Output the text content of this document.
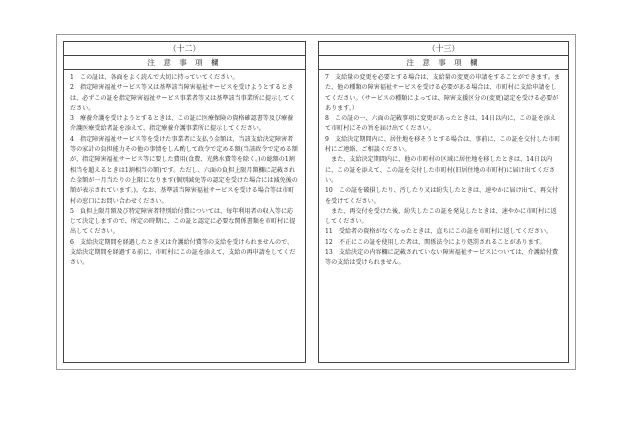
（十二）
注 意 事 項 欄

1　この証は、各面をよく読んで大切に持っていてください。

2　指定障害福祉サービス等又は基準該当障害福祉サービスを受けようとするときは、必ずこの証を指定障害福祉サービス事業者等又は基準該当事業所に提示してください。

3　療養介護を受けようとするときは、この証に医療保険の資格確認書等及び療養介護医療受給者証を添えて、指定療養介護事業所に提示してください。

4　指定障害福祉サービス等を受けた事業者に支払う金額は、当該支給決定障害者等の家計の負担能力その他の事情をしん酌して政令で定める額(当該政令で定める額が、指定障害福祉サービス等に要した費用(食費、光熱水費等を除く。)の総額の1割相当を超えるときは1割相当の額)です。ただし、六面の負担上限月額欄に記載された金額が一月当たりの上限になります(個別減免等の認定を受けた場合には減免後の額が表示されています。)。なお、基準該当障害福祉サービスを受ける場合等は市町村の窓口にお問い合わせください。

5　負担上限月額及び特定障害者特別給付費については、毎年利用者の収入等に応じて決定しますので、所定の時期に、この証と認定に必要な関係書類を市町村に提出してください。

6　支給決定期間を経過したとき又は介護給付費等の支給を受けられませんので、支給決定期間を経過する前に、市町村にこの証を添えて、支給の再申請をしてください。

（十三）
注 意 事 項 欄

7　支給量の変更を必要とする場合は、支給量の変更の申請をすることができます。また、他の種類の障害福祉サービスを受ける必要がある場合は、市町村に支給申請をしてください。（サービスの種類によっては、障害支援区分の(変更)認定を受ける必要があります。）

8　この証の一、六面の記載事項に変更があったときは、14日以内に、この証を添えて市町村にその旨を届け出てください。

9　支給決定期間内に、居住地を移そうとする場合は、事前に、この証を交付した市町村にご連絡、ご相談ください。

　また、支給決定期間内に、他の市町村の区域に居住地を移したときは、14日以内に、この証を添えて、この証を交付した市町村(旧居住地の市町村)に届け出てください。

10　この証を破損したり、汚したり又は紛失したときは、速やかに届け出て、再交付を受けてください。

　また、再交付を受けた後、紛失したこの証を発見したときは、速やかに市町村に返してください。

11　受給者の資格がなくなったときは、直ちにこの証を市町村に返してください。

12　不正にこの証を使用した者は、関係法令により処罰されることがあります。

13　支給決定の内容欄に記載されていない障害福祉サービスについては、介護給付費等の支給は受けられません。
